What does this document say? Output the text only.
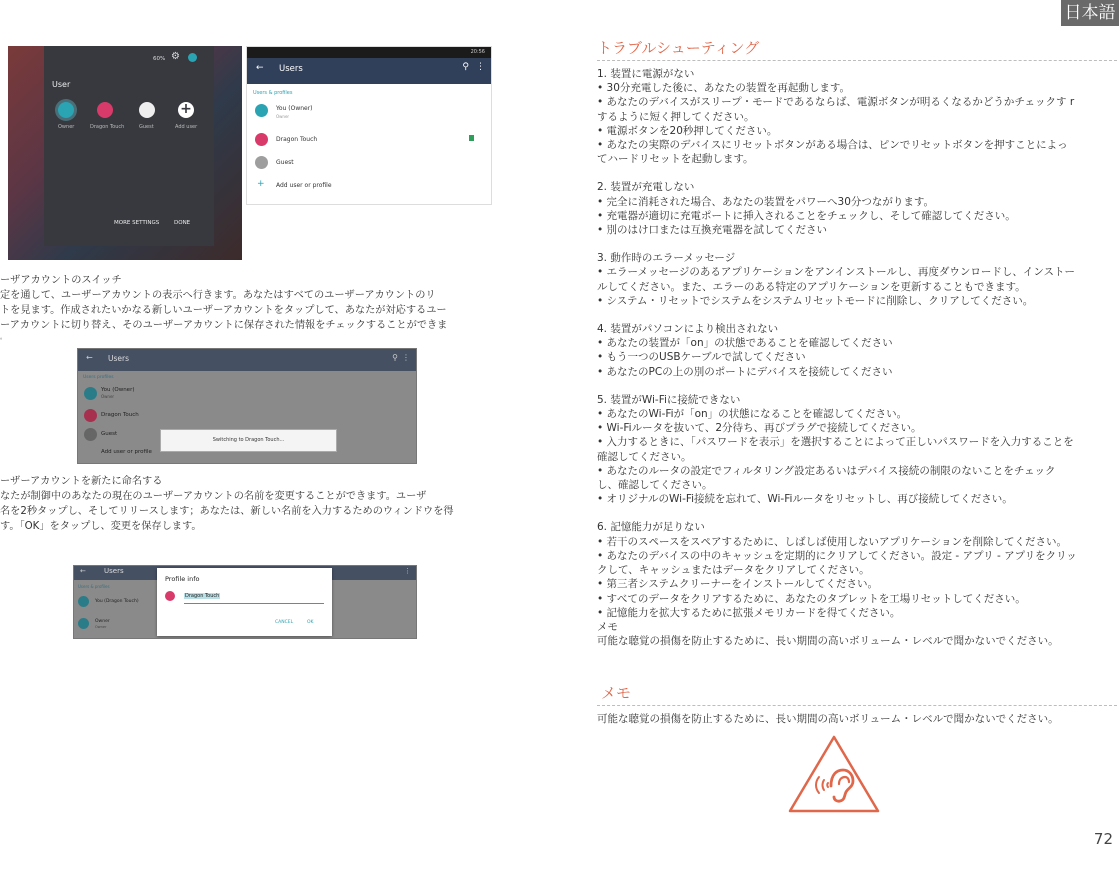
日本語
60% ⚙
User
+
Owner	Dragon Touch	Guest	Add user
MORE SETTINGS	DONE
20:56
← Users	⚲ ⋮
Users & profiles
You (Owner)
Owner
Dragon Touch
Guest
+ Add user or profile
ーザアカウントのスイッチ
定を通して、ユーザーアカウントの表示へ行きます。あなたはすべてのユーザーアカウントのリ
トを見ます。作成されたいかなる新しいユーザーアカウントをタップして、あなたが対応するユー
ーアカウントに切り替え、そのユーザーアカウントに保存された情報をチェックすることができま
。
← Users	⚲ ⋮
Users profiles
You (Owner)
Owner
Dragon Touch
Guest
Add user or profile
Switching to Dragon Touch...
ーザーアカウントを新たに命名する
なたが制御中のあなたの現在のユーザーアカウントの名前を変更することができます。ユーザ
名を2秒タップし、そしてリリースします；あなたは、新しい名前を入力するためのウィンドウを得
す。「OK」をタップし、変更を保存します。
←	Users	⋮
Users & profiles
You (Dragon Touch)
Owner
Owner
Profile info
Dragon Touch
CANCEL	OK
トラブルシューティング
1. 装置に電源がない
• 30分充電した後に、あなたの装置を再起動します。
• あなたのデバイスがスリープ・モードであるならば、電源ボタンが明るくなるかどうかチェックす r
するように短く押してください。
• 電源ボタンを20秒押してください。
• あなたの実際のデバイスにリセットボタンがある場合は、ピンでリセットボタンを押すことによっ
てハードリセットを起動します。
2. 装置が充電しない
• 完全に消耗された場合、あなたの装置をパワーへ30分つながります。
• 充電器が適切に充電ポートに挿入されることをチェックし、そして確認してください。
• 別のはけ口または互換充電器を試してください
3. 動作時のエラーメッセージ
• エラーメッセージのあるアプリケーションをアンインストールし、再度ダウンロードし、インストー
ルしてください。また、エラーのある特定のアプリケーションを更新することもできます。
• システム・リセットでシステムをシステムリセットモードに削除し、クリアしてください。
4. 装置がパソコンにより検出されない
• あなたの装置が「on」の状態であることを確認してください
• もう一つのUSBケーブルで試してください
• あなたのPCの上の別のポートにデバイスを接続してください
5. 装置がWi-Fiに接続できない
• あなたのWi-Fiが「on」の状態になることを確認してください。
• Wi-Fiルータを抜いて、2分待ち、再びプラグで接続してください。
• 入力するときに、「パスワードを表示」を選択することによって正しいパスワードを入力することを
確認してください。
• あなたのルータの設定でフィルタリング設定あるいはデバイス接続の制限のないことをチェック
し、確認してください。
• オリジナルのWi-Fi接続を忘れて、Wi-Fiルータをリセットし、再び接続してください。
6. 記憶能力が足りない
• 若干のスペースをスペアするために、しばしば使用しないアプリケーションを削除してください。
• あなたのデバイスの中のキャッシュを定期的にクリアしてください。設定 - アプリ - アプリをクリッ
クして、キャッシュまたはデータをクリアしてください。
• 第三者システムクリーナーをインストールしてください。
• すべてのデータをクリアするために、あなたのタブレットを工場リセットしてください。
• 記憶能力を拡大するために拡張メモリカードを得てください。
メモ
可能な聴覚の損傷を防止するために、長い期間の高いボリューム・レベルで聞かないでください。
メモ
可能な聴覚の損傷を防止するために、長い期間の高いボリューム・レベルで聞かないでください。
72
